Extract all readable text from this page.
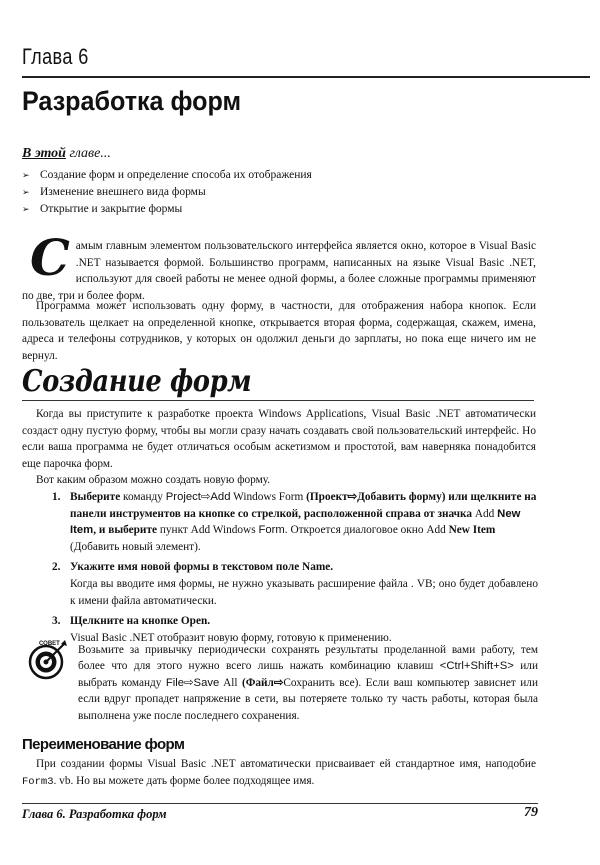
Глава 6
Разработка форм
В этой главе...
➢ Создание форм и определение способа их отображения
➢ Изменение внешнего вида формы
➢ Открытие и закрытие формы
С амым главным элементом пользовательского интерфейса является окно, которое в Visual Basic .NET называется формой. Большинство программ, написанных на языке Visual Basic .NET, используют для своей работы не менее одной формы, а более сложные программы применяют по две, три и более форм.
Программа может использовать одну форму, в частности, для отображения набора кнопок. Если пользователь щелкает на определенной кнопке, открывается вторая форма, содержащая, скажем, имена, адреса и телефоны сотрудников, у которых он одолжил деньги до зарплаты, но пока еще ничего им не вернул.
Создание форм
Когда вы приступите к разработке проекта Windows Applications, Visual Basic .NET автоматически создаст одну пустую форму, чтобы вы могли сразу начать создавать свой пользовательский интерфейс. Но если ваша программа не будет отличаться особым аскетизмом и простотой, вам наверняка понадобится еще парочка форм.
Вот каким образом можно создать новую форму.
1. Выберите команду Project⇨Add Windows Form (Проект⇨Добавить форму) или щелкните на панели инструментов на кнопке со стрелкой, расположенной справа от значка Add New Item, и выберите пункт Add Windows Form. Откроется диалоговое окно Add New Item (Добавить новый элемент).
2. Укажите имя новой формы в текстовом поле Name.
Когда вы вводите имя формы, не нужно указывать расширение файла . VB; оно будет добавлено к имени файла автоматически.
3. Щелкните на кнопке Open.
Visual Basic .NET отобразит новую форму, готовую к применению.
СОВЕТ Возьмите за привычку периодически сохранять результаты проделанной вами работу, тем более что для этого нужно всего лишь нажать комбинацию клавиш <Ctrl+Shift+S> или выбрать команду File⇨Save All (Файл⇨Сохранить все). Если ваш компьютер зависнет или если вдруг пропадет напряжение в сети, вы потеряете только ту часть работы, которая была выполнена уже после последнего сохранения.
Переименование форм
При создании формы Visual Basic .NET автоматически присваивает ей стандартное имя, наподобие Form3. vb. Но вы можете дать форме более подходящее имя.
Глава 6. Разработка форм	79
